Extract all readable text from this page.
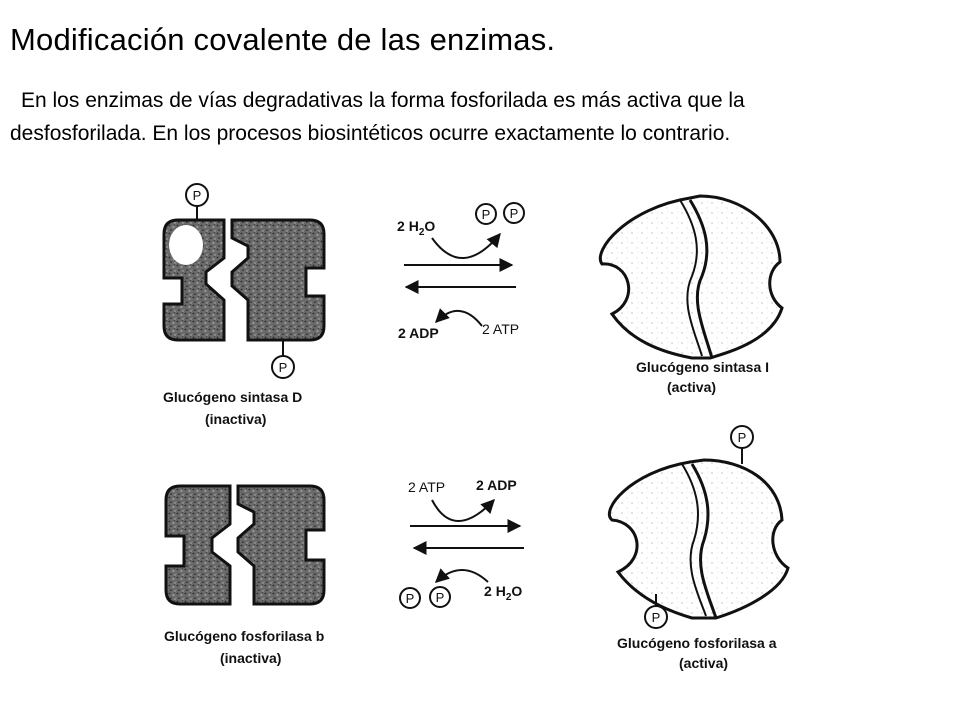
Modificación covalente de las enzimas.

En los enzimas de vías degradativas la forma fosforilada es más activa que la
desfosforilada. En los procesos biosintéticos ocurre exactamente lo contrario.

P
P
Glucógeno sintasa D
(inactiva)
2 $H_2O$
P P
2 ADP	2 ATP
Glucógeno sintasa I
(activa)
Glucógeno fosforilasa b
(inactiva)
2 ATP 2 ADP
P P	2 $H_2O$
P
P
Glucógeno fosforilasa a
(activa)
